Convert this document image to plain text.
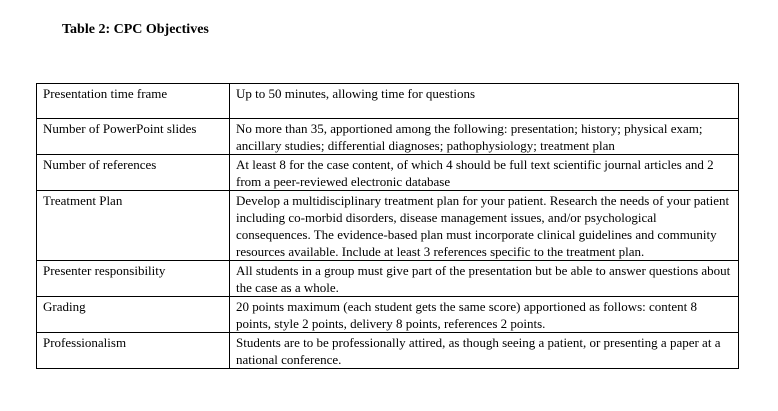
Table 2: CPC Objectives
Presentation time frame	Up to 50 minutes, allowing time for questions
Number of PowerPoint slides	No more than 35, apportioned among the following: presentation; history; physical exam; ancillary studies; differential diagnoses; pathophysiology; treatment plan
Number of references	At least 8 for the case content, of which 4 should be full text scientific journal articles and 2 from a peer-reviewed electronic database
Treatment Plan	Develop a multidisciplinary treatment plan for your patient. Research the needs of your patient including co-morbid disorders, disease management issues, and/or psychological consequences. The evidence-based plan must incorporate clinical guidelines and community resources available. Include at least 3 references specific to the treatment plan.
Presenter responsibility	All students in a group must give part of the presentation but be able to answer questions about the case as a whole.
Grading	20 points maximum (each student gets the same score) apportioned as follows: content 8 points, style 2 points, delivery 8 points, references 2 points.
Professionalism	Students are to be professionally attired, as though seeing a patient, or presenting a paper at a national conference.
